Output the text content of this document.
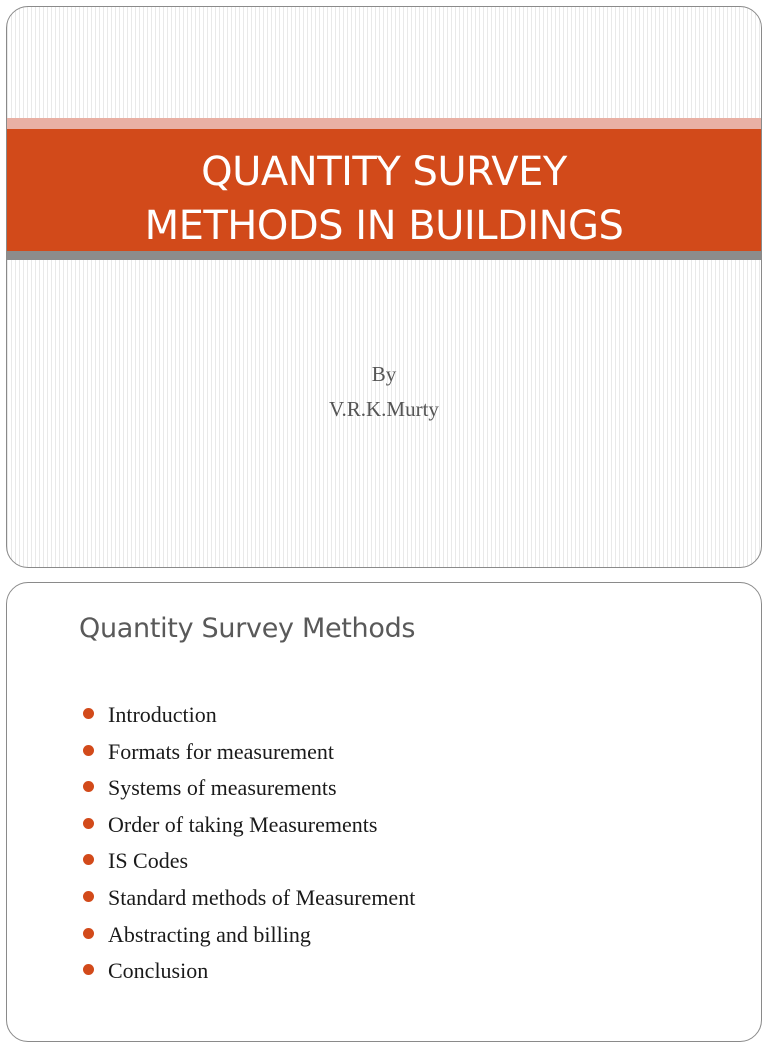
QUANTITY SURVEY
METHODS IN BUILDINGS
By
V.R.K.Murty
Quantity Survey Methods
Introduction
Formats for measurement
Systems of measurements
Order of taking Measurements
IS Codes
Standard methods of Measurement
Abstracting and billing
Conclusion
